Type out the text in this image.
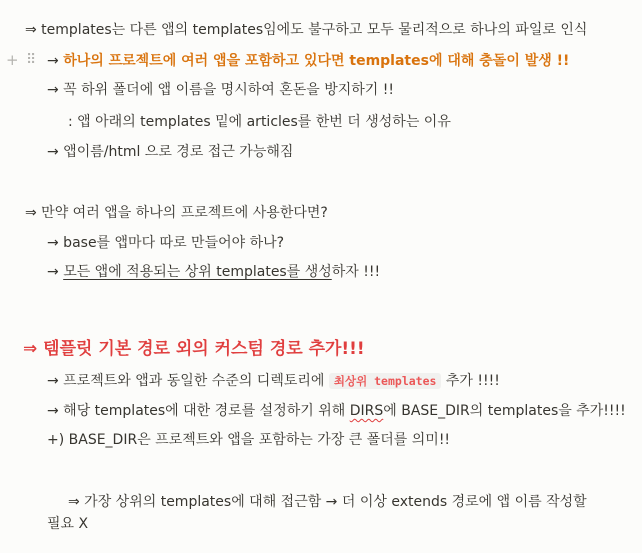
⇒ templates는 다른 앱의 templates임에도 불구하고 모두 물리적으로 하나의 파일로 인식
+ ⠿ → 하나의 프로젝트에 여러 앱을 포함하고 있다면 templates에 대해 충돌이 발생 !!
→ 꼭 하위 폴더에 앱 이름을 명시하여 혼돈을 방지하기 !!
: 앱 아래의 templates 밑에 articles를 한번 더 생성하는 이유
→ 앱이름/html 으로 경로 접근 가능해짐
⇒ 만약 여러 앱을 하나의 프로젝트에 사용한다면?
→ base를 앱마다 따로 만들어야 하나?
→ 모든 앱에 적용되는 상위 templates를 생성하자 !!!
⇒ 템플릿 기본 경로 외의 커스텀 경로 추가!!!
→ 프로젝트와 앱과 동일한 수준의 디렉토리에 최상위 templates 추가 !!!!
→ 해당 templates에 대한 경로를 설정하기 위해 DIRS에 BASE_DIR의 templates을 추가!!!!
+) BASE_DIR은 프로젝트와 앱을 포함하는 가장 큰 폴더를 의미!!
⇒ 가장 상위의 templates에 대해 접근함 → 더 이상 extends 경로에 앱 이름 작성할
필요 X
